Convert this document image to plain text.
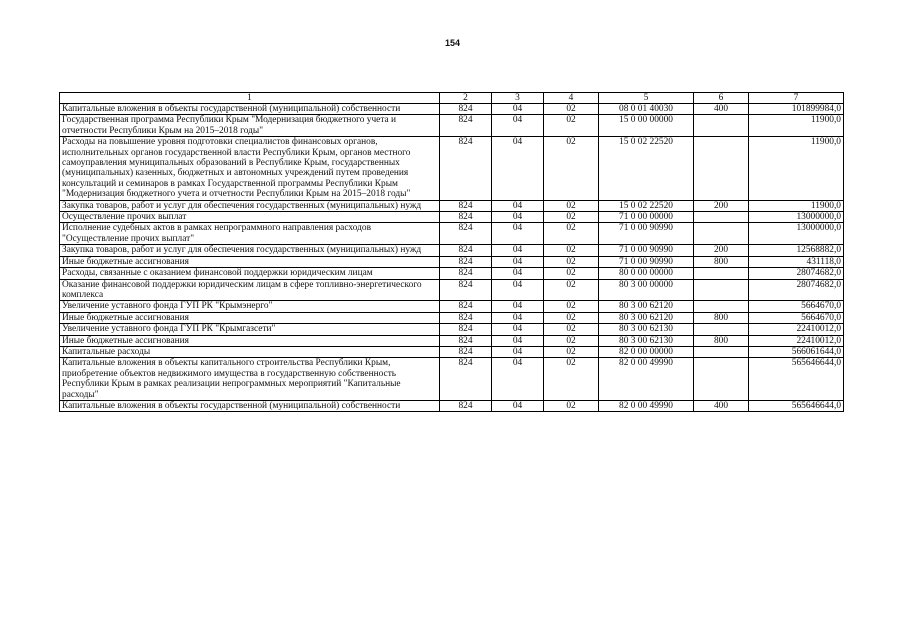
154
1	2	3	4	5	6	7
Капитальные вложения в объекты государственной (муниципальной) собственности	824	04	02	08 0 01 40030	400	101899984,0
Государственная программа Республики Крым "Модернизация бюджетного учета и отчетности Республики Крым на 2015–2018 годы"	824	04	02	15 0 00 00000		11900,0
Расходы на повышение уровня подготовки специалистов финансовых органов, исполнительных органов государственной власти Республики Крым, органов местного самоуправления муниципальных образований в Республике Крым, государственных (муниципальных) казенных, бюджетных и автономных учреждений путем проведения консультаций и семинаров в рамках Государственной программы Республики Крым "Модернизация бюджетного учета и отчетности Республики Крым на 2015–2018 годы"	824	04	02	15 0 02 22520		11900,0
Закупка товаров, работ и услуг для обеспечения государственных (муниципальных) нужд	824	04	02	15 0 02 22520	200	11900,0
Осуществление прочих выплат	824	04	02	71 0 00 00000		13000000,0
Исполнение судебных актов в рамках непрограммного направления расходов "Осуществление прочих выплат"	824	04	02	71 0 00 90990		13000000,0
Закупка товаров, работ и услуг для обеспечения государственных (муниципальных) нужд	824	04	02	71 0 00 90990	200	12568882,0
Иные бюджетные ассигнования	824	04	02	71 0 00 90990	800	431118,0
Расходы, связанные с оказанием финансовой поддержки юридическим лицам	824	04	02	80 0 00 00000		28074682,0
Оказание финансовой поддержки юридическим лицам в сфере топливно-энергетического комплекса	824	04	02	80 3 00 00000		28074682,0
Увеличение уставного фонда ГУП РК "Крымэнерго"	824	04	02	80 3 00 62120		5664670,0
Иные бюджетные ассигнования	824	04	02	80 3 00 62120	800	5664670,0
Увеличение уставного фонда ГУП РК "Крымгазсети"	824	04	02	80 3 00 62130		22410012,0
Иные бюджетные ассигнования	824	04	02	80 3 00 62130	800	22410012,0
Капитальные расходы	824	04	02	82 0 00 00000		566061644,0
Капитальные вложения в объекты капитального строительства Республики Крым, приобретение объектов недвижимого имущества в государственную собственность Республики Крым в рамках реализации непрограммных мероприятий "Капитальные расходы"	824	04	02	82 0 00 49990		565646644,0
Капитальные вложения в объекты государственной (муниципальной) собственности	824	04	02	82 0 00 49990	400	565646644,0
